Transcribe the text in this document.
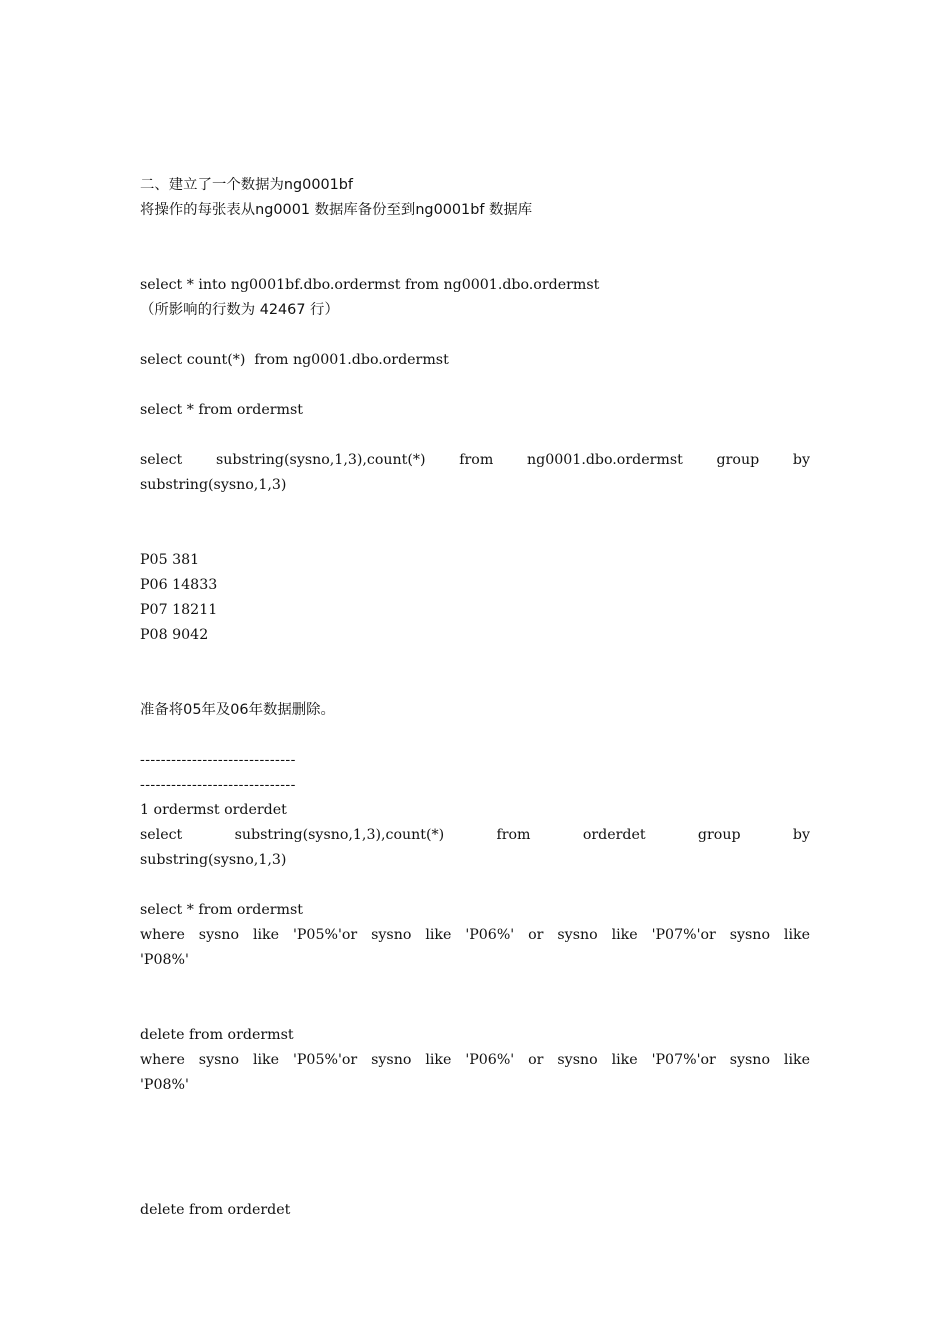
二、建立了一个数据为ng0001bf
将操作的每张表从ng0001 数据库备份至到ng0001bf 数据库
select * into ng0001bf.dbo.ordermst from ng0001.dbo.ordermst
（所影响的行数为 42467 行）
select count(*)  from ng0001.dbo.ordermst
select * from ordermst
select substring(sysno,1,3),count(*) from ng0001.dbo.ordermst group by
substring(sysno,1,3)
P05 381
P06 14833
P07 18211
P08 9042
准备将05年及06年数据删除。
------------------------------
------------------------------
1 ordermst orderdet
select substring(sysno,1,3),count(*) from orderdet group by
substring(sysno,1,3)
select * from ordermst
where sysno like 'P05%'or sysno like 'P06%' or sysno like 'P07%'or sysno like
'P08%'
delete from ordermst
where sysno like 'P05%'or sysno like 'P06%' or sysno like 'P07%'or sysno like
'P08%'
delete from orderdet
